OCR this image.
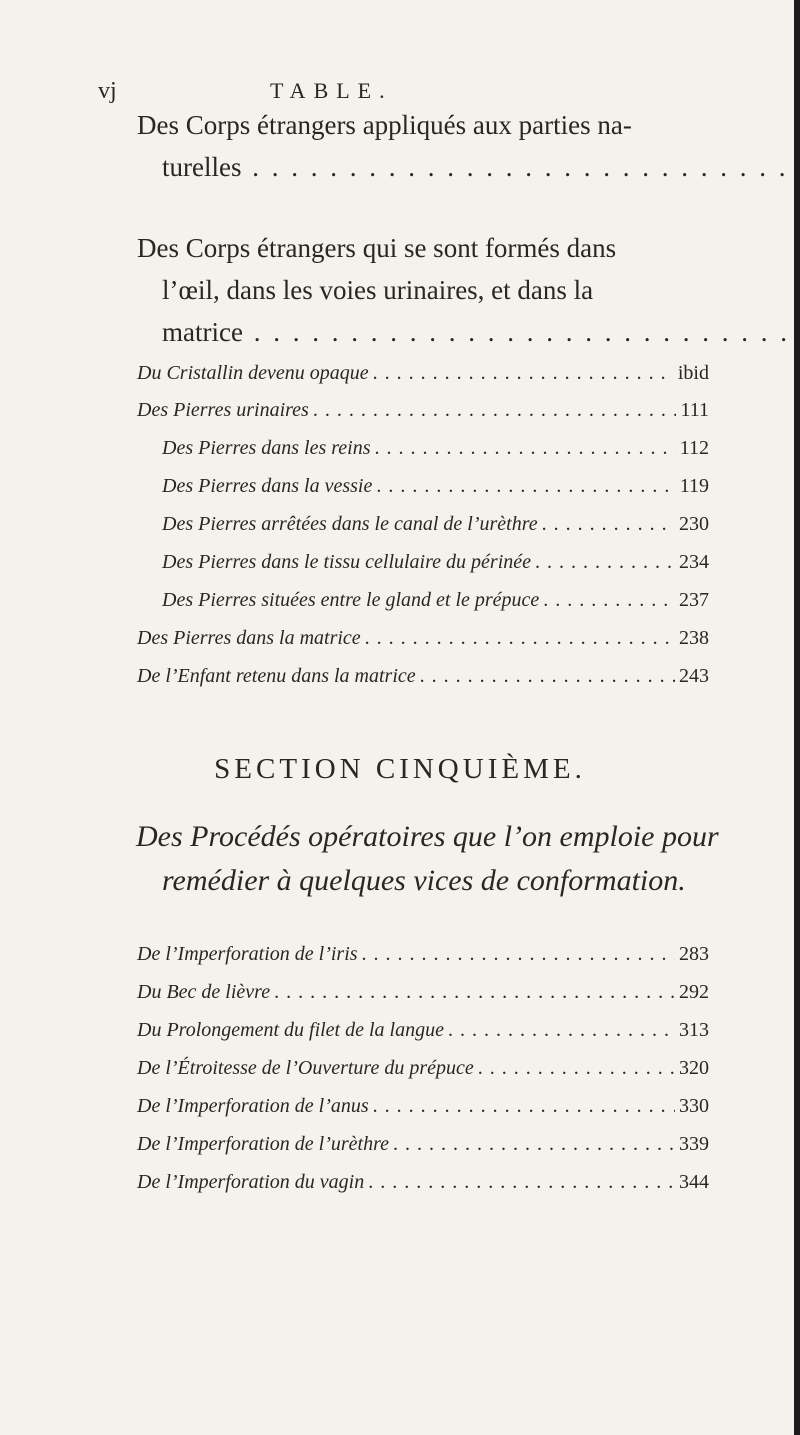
vj	TABLE.
Des Corps étrangers appliqués aux parties na-
turelles . . .
Des Corps étrangers qui se sont formés dans
l’œil, dans les voies urinaires, et dans la
matrice . . .
Du Cristallin devenu opaque . . .	ibid
Des Pierres urinaires . . .	111
Des Pierres dans les reins . . .	112
Des Pierres dans la vessie . . .	119
Des Pierres arrêtées dans le canal de l’urèthre . . .	230
Des Pierres dans le tissu cellulaire du périnée . . .	234
Des Pierres situées entre le gland et le prépuce . . .	237
Des Pierres dans la matrice . . .	238
De l’Enfant retenu dans la matrice . . .	243
SECTION CINQUIÈME.
Des Procédés opératoires que l’on emploie pour
remédier à quelques vices de conformation.
De l’Imperforation de l’iris . . .	283
Du Bec de lièvre . . .	292
Du Prolongement du filet de la langue . . .	313
De l’Étroitesse de l’Ouverture du prépuce . . .	320
De l’Imperforation de l’anus . . .	330
De l’Imperforation de l’urèthre . . .	339
De l’Imperforation du vagin . . .	344
